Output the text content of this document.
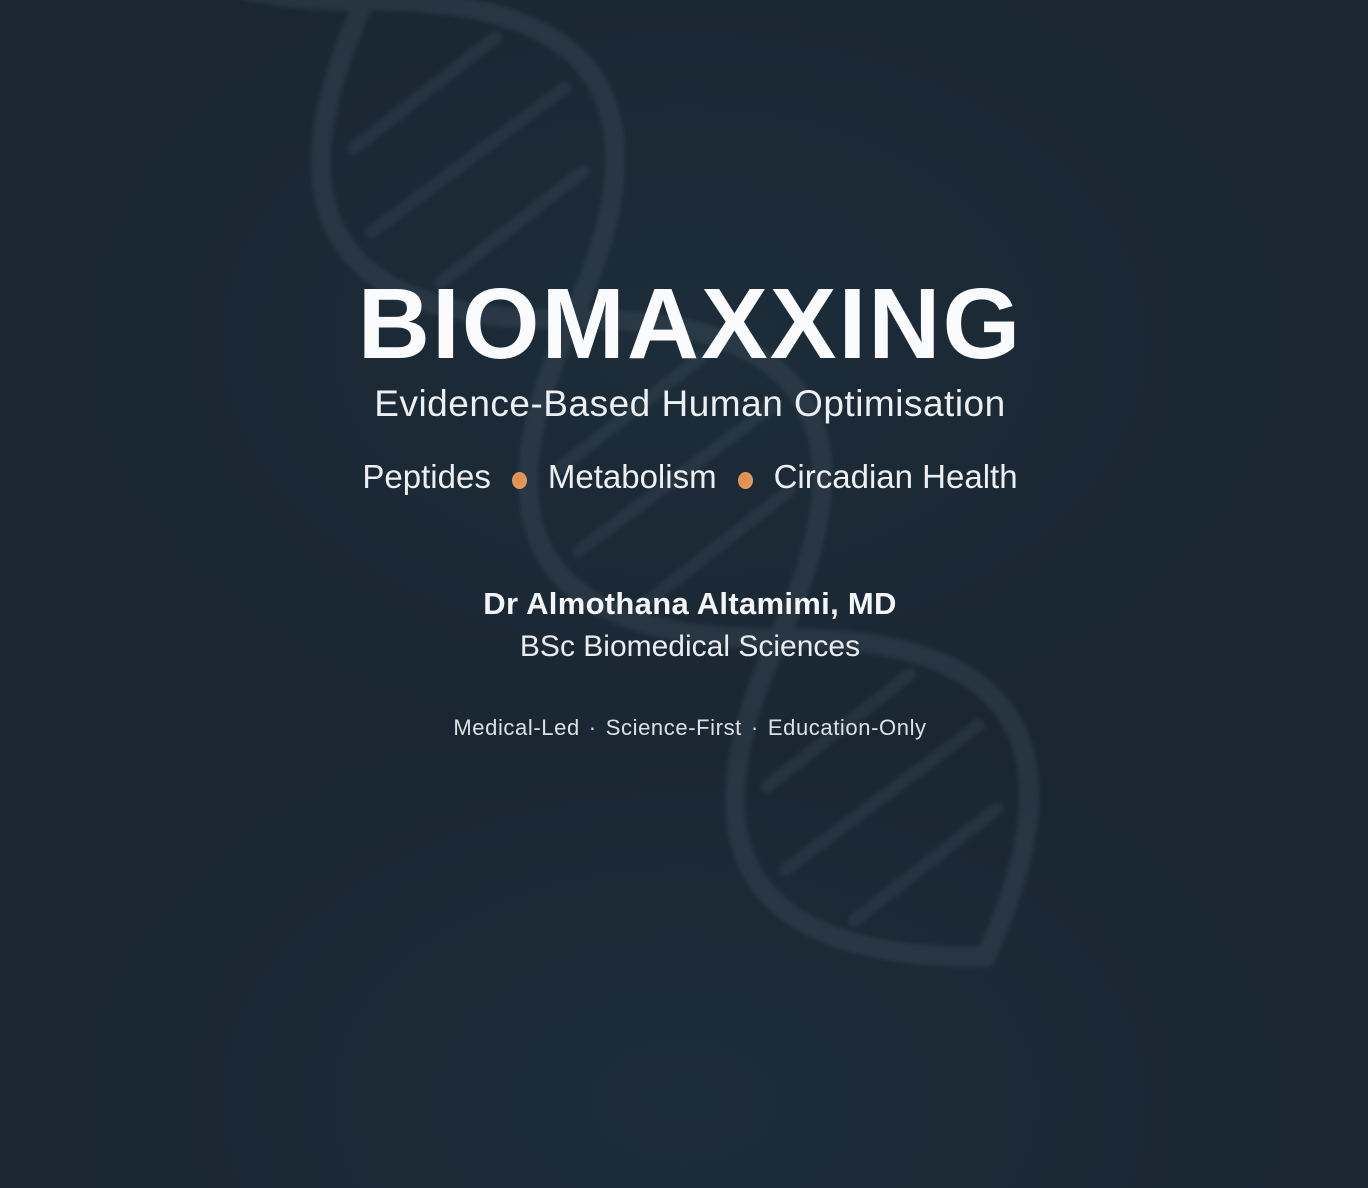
BIOMAXXING
Evidence-Based Human Optimisation
Peptides Metabolism Circadian Health
Dr Almothana Altamimi, MD
BSc Biomedical Sciences
Medical-Led · Science-First · Education-Only
